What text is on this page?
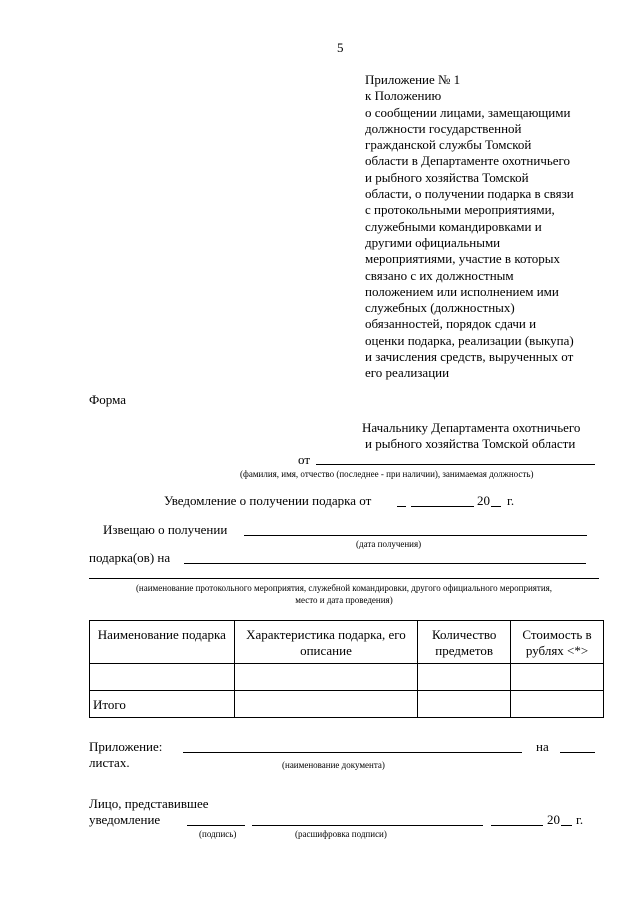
5
Приложение № 1
к Положению
о сообщении лицами, замещающими
должности государственной
гражданской службы Томской
области в Департаменте охотничьего
и рыбного хозяйства Томской
области, о получении подарка в связи
с протокольными мероприятиями,
служебными командировками и
другими официальными
мероприятиями, участие в которых
связано с их должностным
положением или исполнением ими
служебных (должностных)
обязанностей, порядок сдачи и
оценки подарка, реализации (выкупа)
и зачисления средств, вырученных от
его реализации
Форма
Начальнику Департамента охотничьего
и рыбного хозяйства Томской области
от
(фамилия, имя, отчество (последнее - при наличии), занимаемая должность)
Уведомление о получении подарка от	20 г.
Извещаю о получении
(дата получения)
подарка(ов) на
(наименование протокольного мероприятия, служебной командировки, другого официального мероприятия,
место и дата проведения)
Наименование подарка	Характеристика подарка, его описание	Количество предметов	Стоимость в рублях <*>

Итого			
Приложение:	на
листах.	(наименование документа)
Лицо, представившее
уведомление	20 г.
(подпись)	(расшифровка подписи)
